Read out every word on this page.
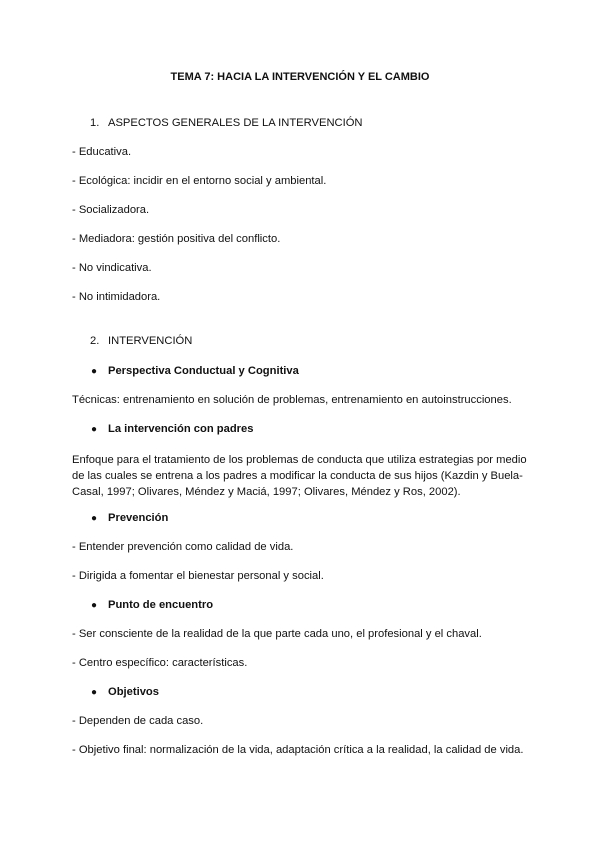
TEMA 7: HACIA LA INTERVENCIÓN Y EL CAMBIO
1. ASPECTOS GENERALES DE LA INTERVENCIÓN
- Educativa.
- Ecológica: incidir en el entorno social y ambiental.
- Socializadora.
- Mediadora: gestión positiva del conflicto.
- No vindicativa.
- No intimidadora.
2. INTERVENCIÓN
● Perspectiva Conductual y Cognitiva
Técnicas: entrenamiento en solución de problemas, entrenamiento en autoinstrucciones.
● La intervención con padres
Enfoque para el tratamiento de los problemas de conducta que utiliza estrategias por medio de las cuales se entrena a los padres a modificar la conducta de sus hijos (Kazdin y Buela-Casal, 1997; Olivares, Méndez y Maciá, 1997; Olivares, Méndez y Ros, 2002).
● Prevención
- Entender prevención como calidad de vida.
- Dirigida a fomentar el bienestar personal y social.
● Punto de encuentro
- Ser consciente de la realidad de la que parte cada uno, el profesional y el chaval.
- Centro específico: características.
● Objetivos
- Dependen de cada caso.
- Objetivo final: normalización de la vida, adaptación crítica a la realidad, la calidad de vida.
